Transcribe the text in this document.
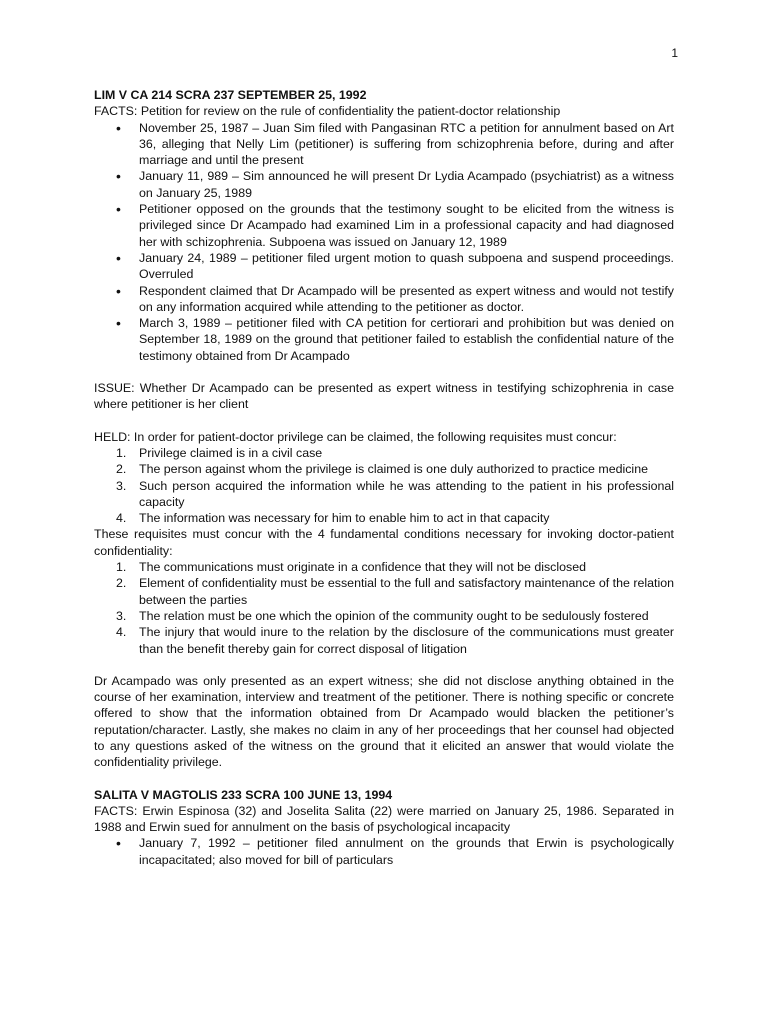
1
LIM V CA 214 SCRA 237 SEPTEMBER 25, 1992
FACTS: Petition for review on the rule of confidentiality the patient-doctor relationship
• November 25, 1987 – Juan Sim filed with Pangasinan RTC a petition for annulment based on Art 36, alleging that Nelly Lim (petitioner) is suffering from schizophrenia before, during and after marriage and until the present
• January 11, 989 – Sim announced he will present Dr Lydia Acampado (psychiatrist) as a witness on January 25, 1989
• Petitioner opposed on the grounds that the testimony sought to be elicited from the witness is privileged since Dr Acampado had examined Lim in a professional capacity and had diagnosed her with schizophrenia. Subpoena was issued on January 12, 1989
• January 24, 1989 – petitioner filed urgent motion to quash subpoena and suspend proceedings. Overruled
• Respondent claimed that Dr Acampado will be presented as expert witness and would not testify on any information acquired while attending to the petitioner as doctor.
• March 3, 1989 – petitioner filed with CA petition for certiorari and prohibition but was denied on September 18, 1989 on the ground that petitioner failed to establish the confidential nature of the testimony obtained from Dr Acampado
ISSUE: Whether Dr Acampado can be presented as expert witness in testifying schizophrenia in case where petitioner is her client
HELD: In order for patient-doctor privilege can be claimed, the following requisites must concur:
1. Privilege claimed is in a civil case
2. The person against whom the privilege is claimed is one duly authorized to practice medicine
3. Such person acquired the information while he was attending to the patient in his professional capacity
4. The information was necessary for him to enable him to act in that capacity
These requisites must concur with the 4 fundamental conditions necessary for invoking doctor-patient confidentiality:
1. The communications must originate in a confidence that they will not be disclosed
2. Element of confidentiality must be essential to the full and satisfactory maintenance of the relation between the parties
3. The relation must be one which the opinion of the community ought to be sedulously fostered
4. The injury that would inure to the relation by the disclosure of the communications must greater than the benefit thereby gain for correct disposal of litigation
Dr Acampado was only presented as an expert witness; she did not disclose anything obtained in the course of her examination, interview and treatment of the petitioner. There is nothing specific or concrete offered to show that the information obtained from Dr Acampado would blacken the petitioner’s reputation/character. Lastly, she makes no claim in any of her proceedings that her counsel had objected to any questions asked of the witness on the ground that it elicited an answer that would violate the confidentiality privilege.
SALITA V MAGTOLIS 233 SCRA 100 JUNE 13, 1994
FACTS: Erwin Espinosa (32) and Joselita Salita (22) were married on January 25, 1986. Separated in 1988 and Erwin sued for annulment on the basis of psychological incapacity
• January 7, 1992 – petitioner filed annulment on the grounds that Erwin is psychologically incapacitated; also moved for bill of particulars
